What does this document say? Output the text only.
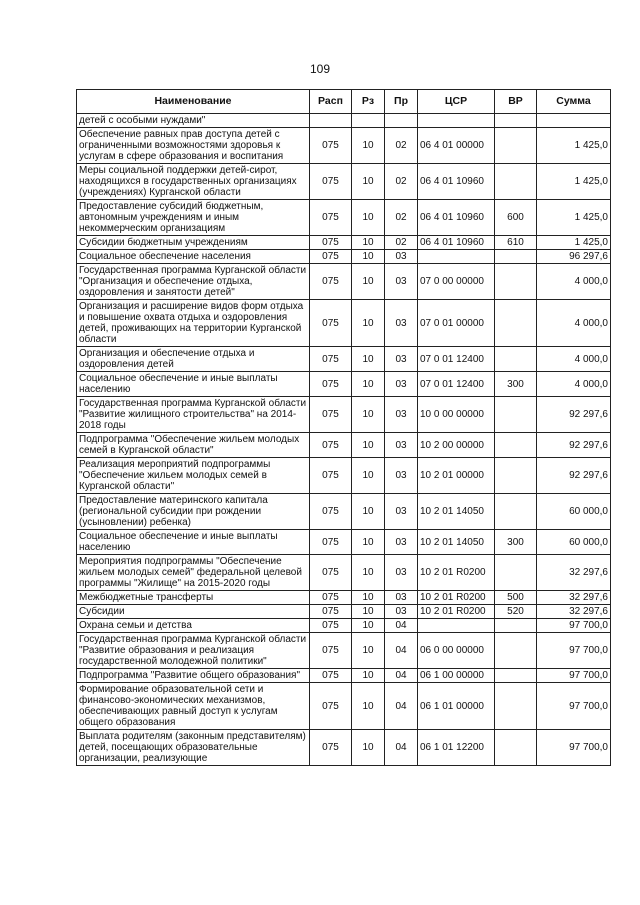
109
Наименование	Расп	Рз	Пр	ЦСР	ВР	Сумма
детей с особыми нуждами"						
Обеспечение равных прав доступа детей с ограниченными возможностями здоровья к услугам в сфере образования и воспитания	075	10	02	06 4 01 00000		1 425,0
Меры социальной поддержки детей-сирот, находящихся в государственных организациях (учреждениях) Курганской области	075	10	02	06 4 01 10960		1 425,0
Предоставление субсидий бюджетным, автономным учреждениям и иным некоммерческим организациям	075	10	02	06 4 01 10960	600	1 425,0
Субсидии бюджетным учреждениям	075	10	02	06 4 01 10960	610	1 425,0
Социальное обеспечение населения	075	10	03			96 297,6
Государственная программа Курганской области "Организация и обеспечение отдыха, оздоровления и занятости детей"	075	10	03	07 0 00 00000		4 000,0
Организация и расширение видов форм отдыха и повышение охвата отдыха и оздоровления детей, проживающих на территории Курганской области	075	10	03	07 0 01 00000		4 000,0
Организация и обеспечение отдыха и оздоровления детей	075	10	03	07 0 01 12400		4 000,0
Социальное обеспечение и иные выплаты населению	075	10	03	07 0 01 12400	300	4 000,0
Государственная программа Курганской области "Развитие жилищного строительства" на 2014-2018 годы	075	10	03	10 0 00 00000		92 297,6
Подпрограмма "Обеспечение жильем молодых семей в Курганской области"	075	10	03	10 2 00 00000		92 297,6
Реализация мероприятий подпрограммы "Обеспечение жильем молодых семей в Курганской области"	075	10	03	10 2 01 00000		92 297,6
Предоставление материнского капитала (региональной субсидии при рождении (усыновлении) ребенка)	075	10	03	10 2 01 14050		60 000,0
Социальное обеспечение и иные выплаты населению	075	10	03	10 2 01 14050	300	60 000,0
Мероприятия подпрограммы "Обеспечение жильем молодых семей" федеральной целевой программы "Жилище" на 2015-2020 годы	075	10	03	10 2 01 R0200		32 297,6
Межбюджетные трансферты	075	10	03	10 2 01 R0200	500	32 297,6
Субсидии	075	10	03	10 2 01 R0200	520	32 297,6
Охрана семьи и детства	075	10	04			97 700,0
Государственная программа Курганской области "Развитие образования и реализация государственной молодежной политики"	075	10	04	06 0 00 00000		97 700,0
Подпрограмма "Развитие общего образования"	075	10	04	06 1 00 00000		97 700,0
Формирование образовательной сети и финансово-экономических механизмов, обеспечивающих равный доступ к услугам общего образования	075	10	04	06 1 01 00000		97 700,0
Выплата родителям (законным представителям) детей, посещающих образовательные организации, реализующие	075	10	04	06 1 01 12200		97 700,0
